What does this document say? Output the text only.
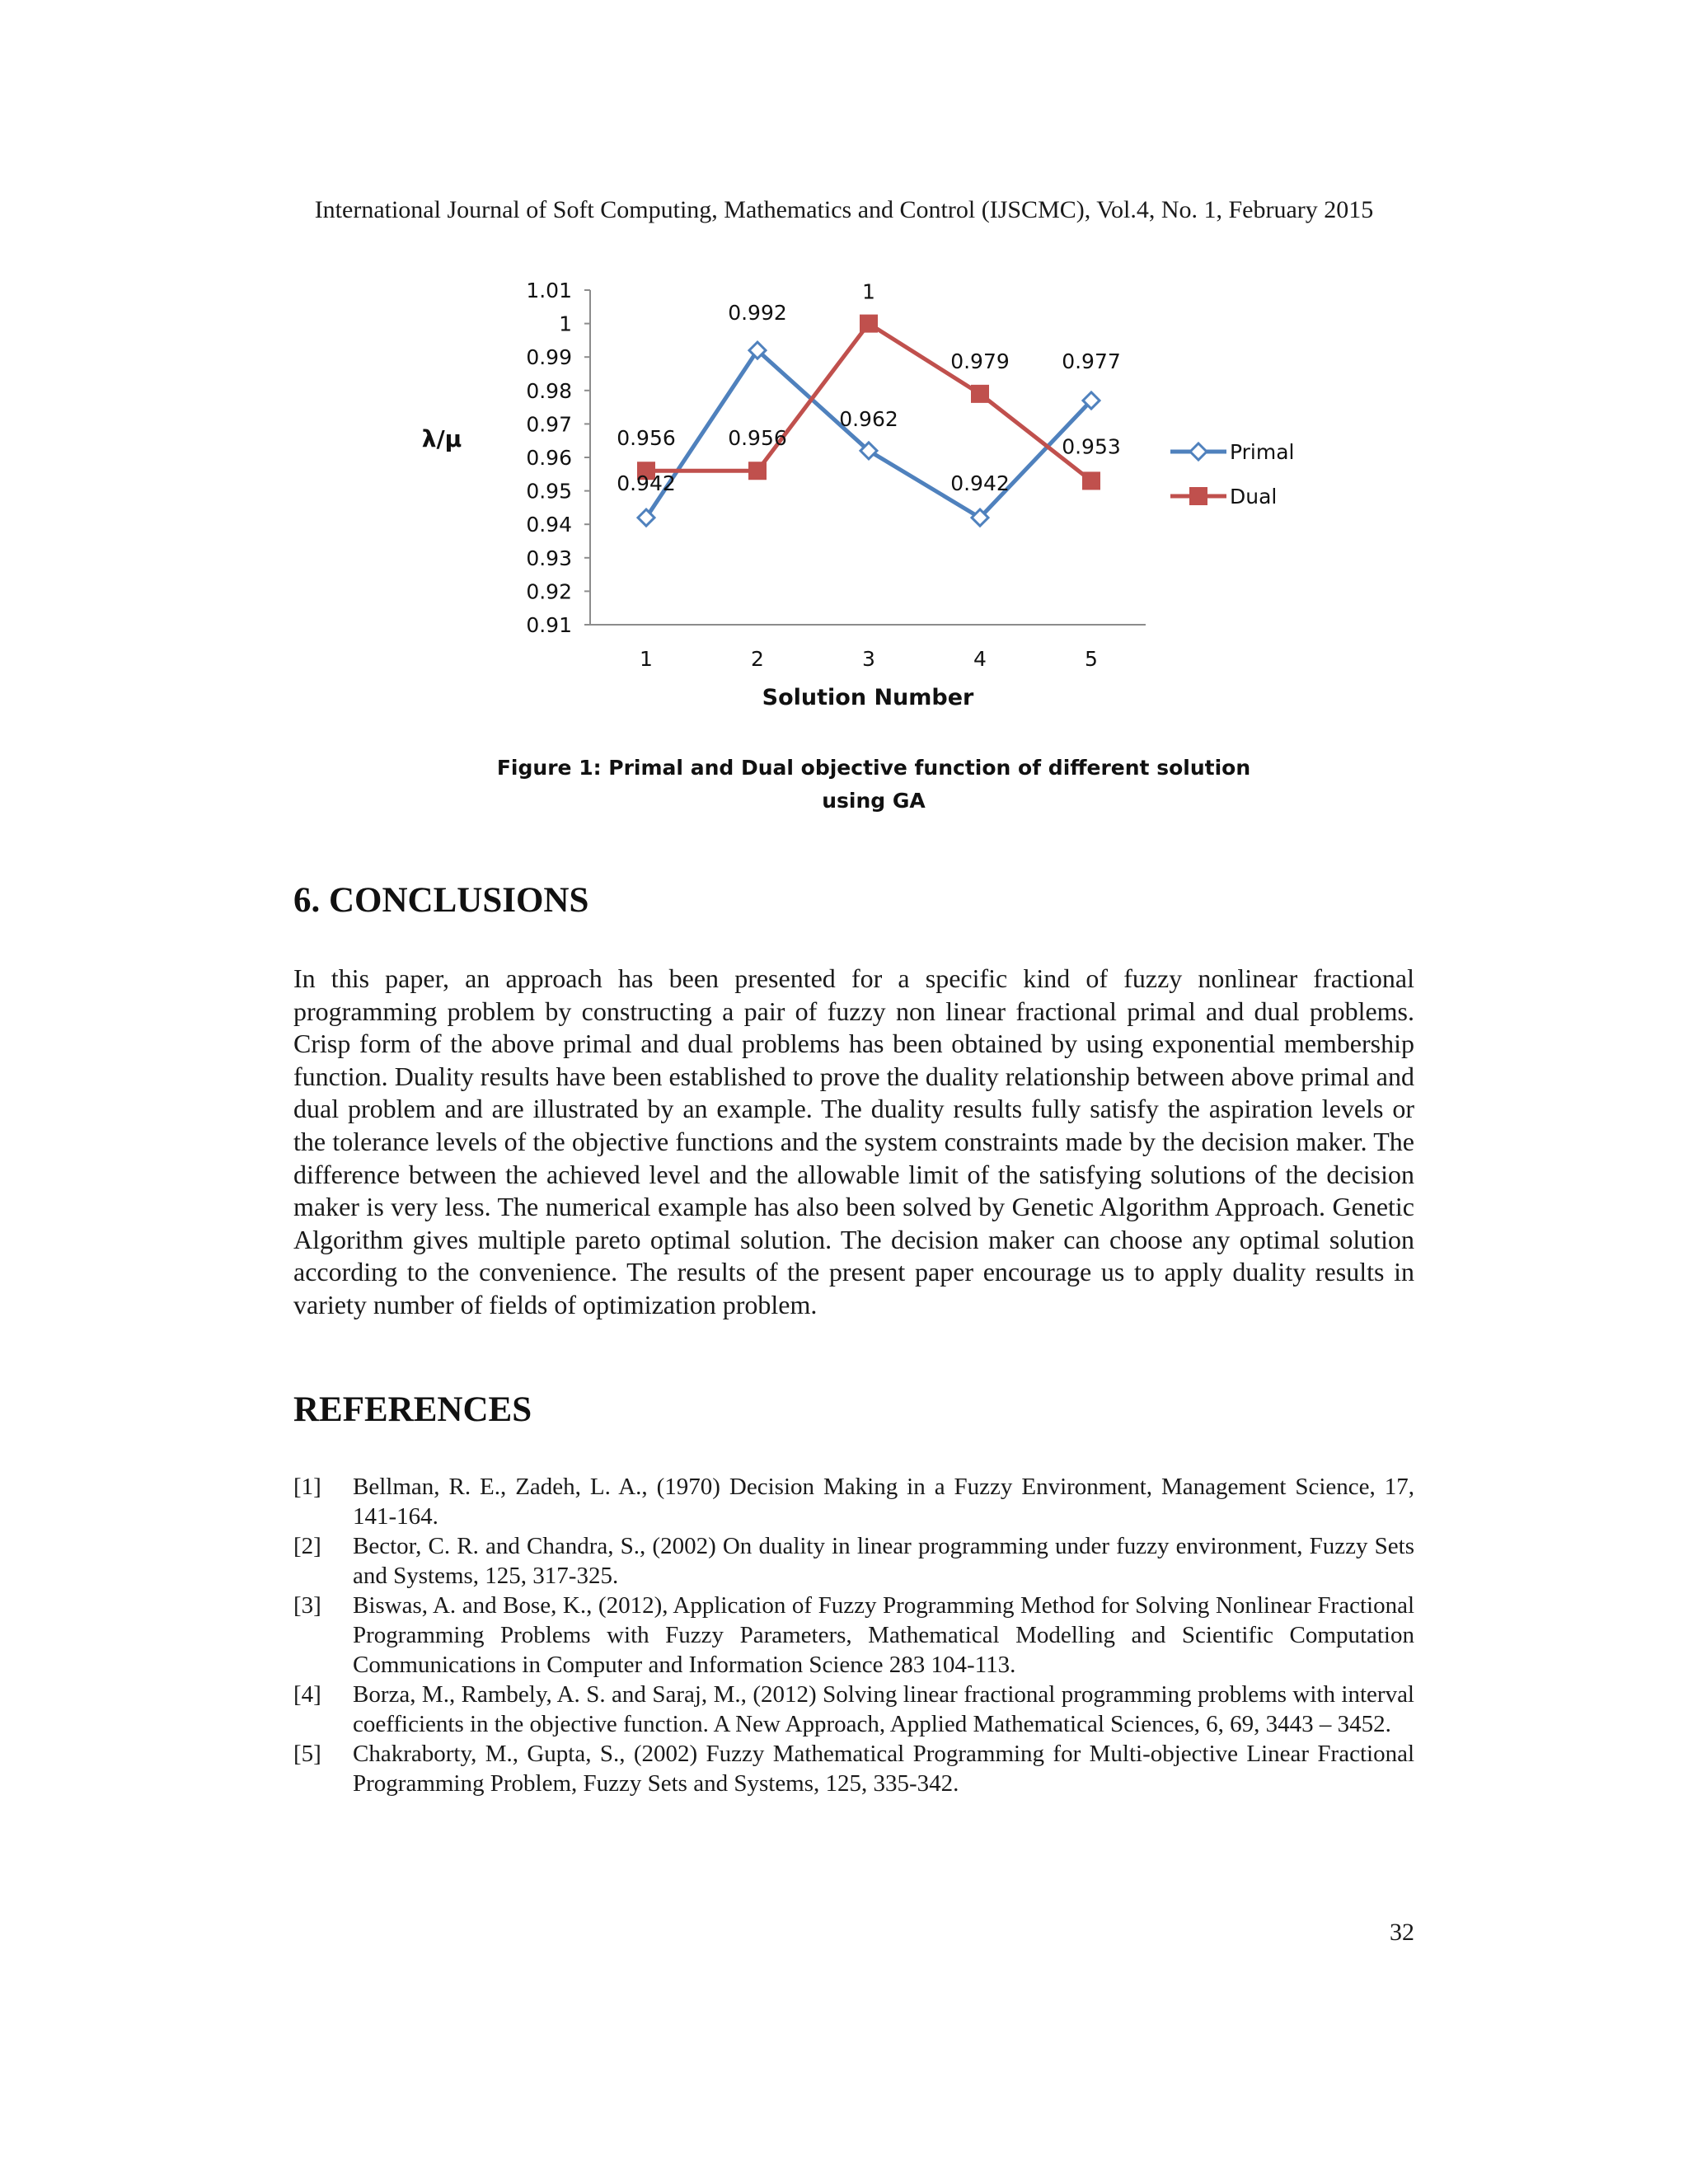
International Journal of Soft Computing, Mathematics and Control (IJSCMC), Vol.4, No. 1, February 2015
0.91
0.92
0.93
0.94
0.95
0.96
0.97
0.98
0.99
1
1.01
1	2	3	4	5
Solution Number
λ/µ
0.942
0.992
0.962
0.942
0.977
0.956	0.956
1
0.979
0.953	Primal
Dual
Figure 1: Primal and Dual objective function of different solution
using GA
6. CONCLUSIONS

In this paper, an approach has been presented for a specific kind of fuzzy nonlinear fractional programming problem by constructing a pair of fuzzy non linear fractional primal and dual problems. Crisp form of the above primal and dual problems has been obtained by using exponential membership function. Duality results have been established to prove the duality relationship between above primal and dual problem and are illustrated by an example. The duality results fully satisfy the aspiration levels or the tolerance levels of the objective functions and the system constraints made by the decision maker. The difference between the achieved level and the allowable limit of the satisfying solutions of the decision maker is very less. The numerical example has also been solved by Genetic Algorithm Approach. Genetic Algorithm gives multiple pareto optimal solution. The decision maker can choose any optimal solution according to the convenience. The results of the present paper encourage us to apply duality results in variety number of fields of optimization problem.

REFERENCES
[1]	Bellman, R. E., Zadeh, L. A., (1970) Decision Making in a Fuzzy Environment, Management Science, 17, 141-164.
[2]	Bector, C. R. and Chandra, S., (2002) On duality in linear programming under fuzzy environment, Fuzzy Sets and Systems, 125, 317-325.
[3]	Biswas, A. and Bose, K., (2012), Application of Fuzzy Programming Method for Solving Nonlinear Fractional Programming Problems with Fuzzy Parameters, Mathematical Modelling and Scientific Computation Communications in Computer and Information Science 283 104-113.
[4]	Borza, M., Rambely, A. S. and Saraj, M., (2012) Solving linear fractional programming problems with interval coefficients in the objective function. A New Approach, Applied Mathematical Sciences, 6, 69, 3443 – 3452.
[5]	Chakraborty, M., Gupta, S., (2002) Fuzzy Mathematical Programming for Multi-objective Linear Fractional Programming Problem, Fuzzy Sets and Systems, 125, 335-342.
32
